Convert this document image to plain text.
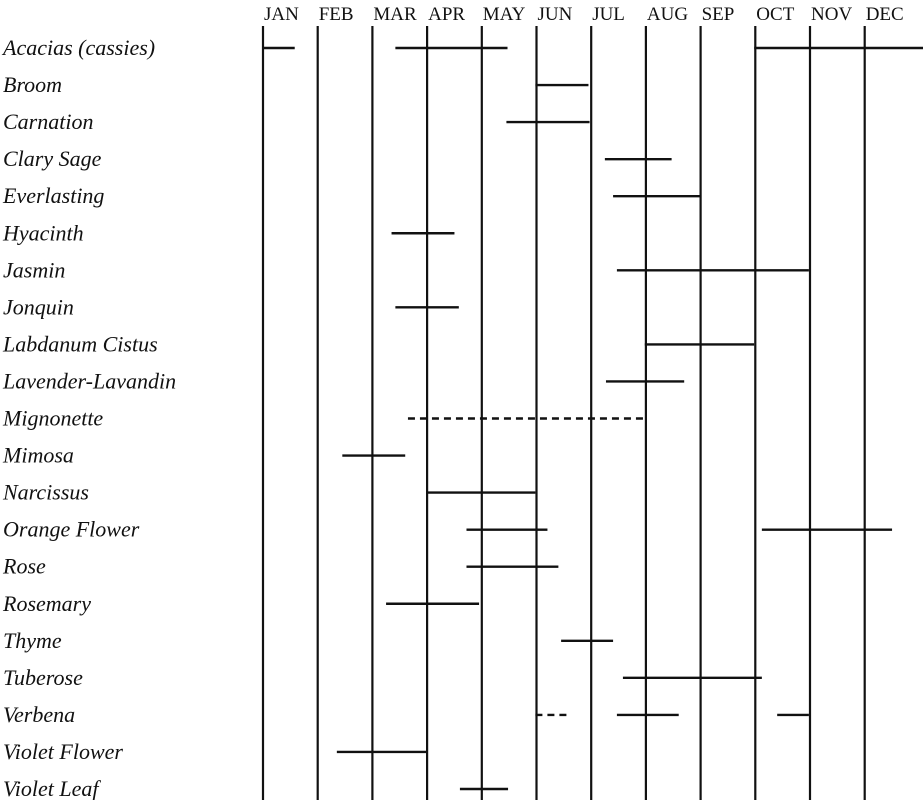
JAN FEB MAR APR MAY JUN JUL AUG SEP OCT NOV DEC
Acacias (cassies)
Broom
Carnation
Clary Sage
Everlasting
Hyacinth
Jasmin
Jonquin
Labdanum Cistus
Lavender-Lavandin
Mignonette
Mimosa
Narcissus
Orange Flower
Rose
Rosemary
Thyme
Tuberose
Verbena
Violet Flower
Violet Leaf
